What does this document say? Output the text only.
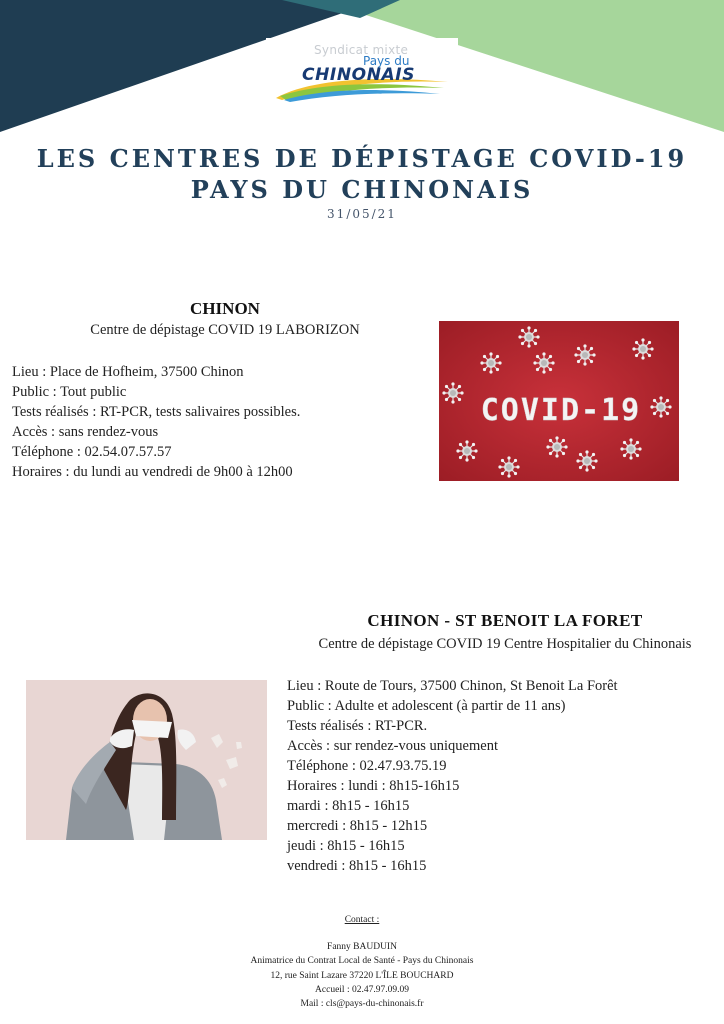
Syndicat mixte
Pays du
CHINONAIS
LES CENTRES DE DÉPISTAGE COVID-19
PAYS DU CHINONAIS
31/05/21
CHINON
Centre de dépistage COVID 19 LABORIZON
Lieu : Place de Hofheim, 37500 Chinon
Public : Tout public
Tests réalisés : RT-PCR, tests salivaires possibles.
Accès : sans rendez-vous
Téléphone : 02.54.07.57.57
Horaires : du lundi au vendredi de 9h00 à 12h00
COVID-19
CHINON - ST BENOIT LA FORET
Centre de dépistage COVID 19 Centre Hospitalier du Chinonais
Lieu : Route de Tours, 37500 Chinon, St Benoit La Forêt
Public : Adulte et adolescent (à partir de 11 ans)
Tests réalisés : RT-PCR.
Accès : sur rendez-vous uniquement
Téléphone : 02.47.93.75.19
Horaires : lundi : 8h15-16h15
mardi : 8h15 - 16h15
mercredi : 8h15 - 12h15
jeudi : 8h15 - 16h15
vendredi : 8h15 - 16h15
Contact :
Fanny BAUDUIN
Animatrice du Contrat Local de Santé - Pays du Chinonais
12, rue Saint Lazare 37220 L'ÎLE BOUCHARD
Accueil : 02.47.97.09.09
Mail : cls@pays-du-chinonais.fr
